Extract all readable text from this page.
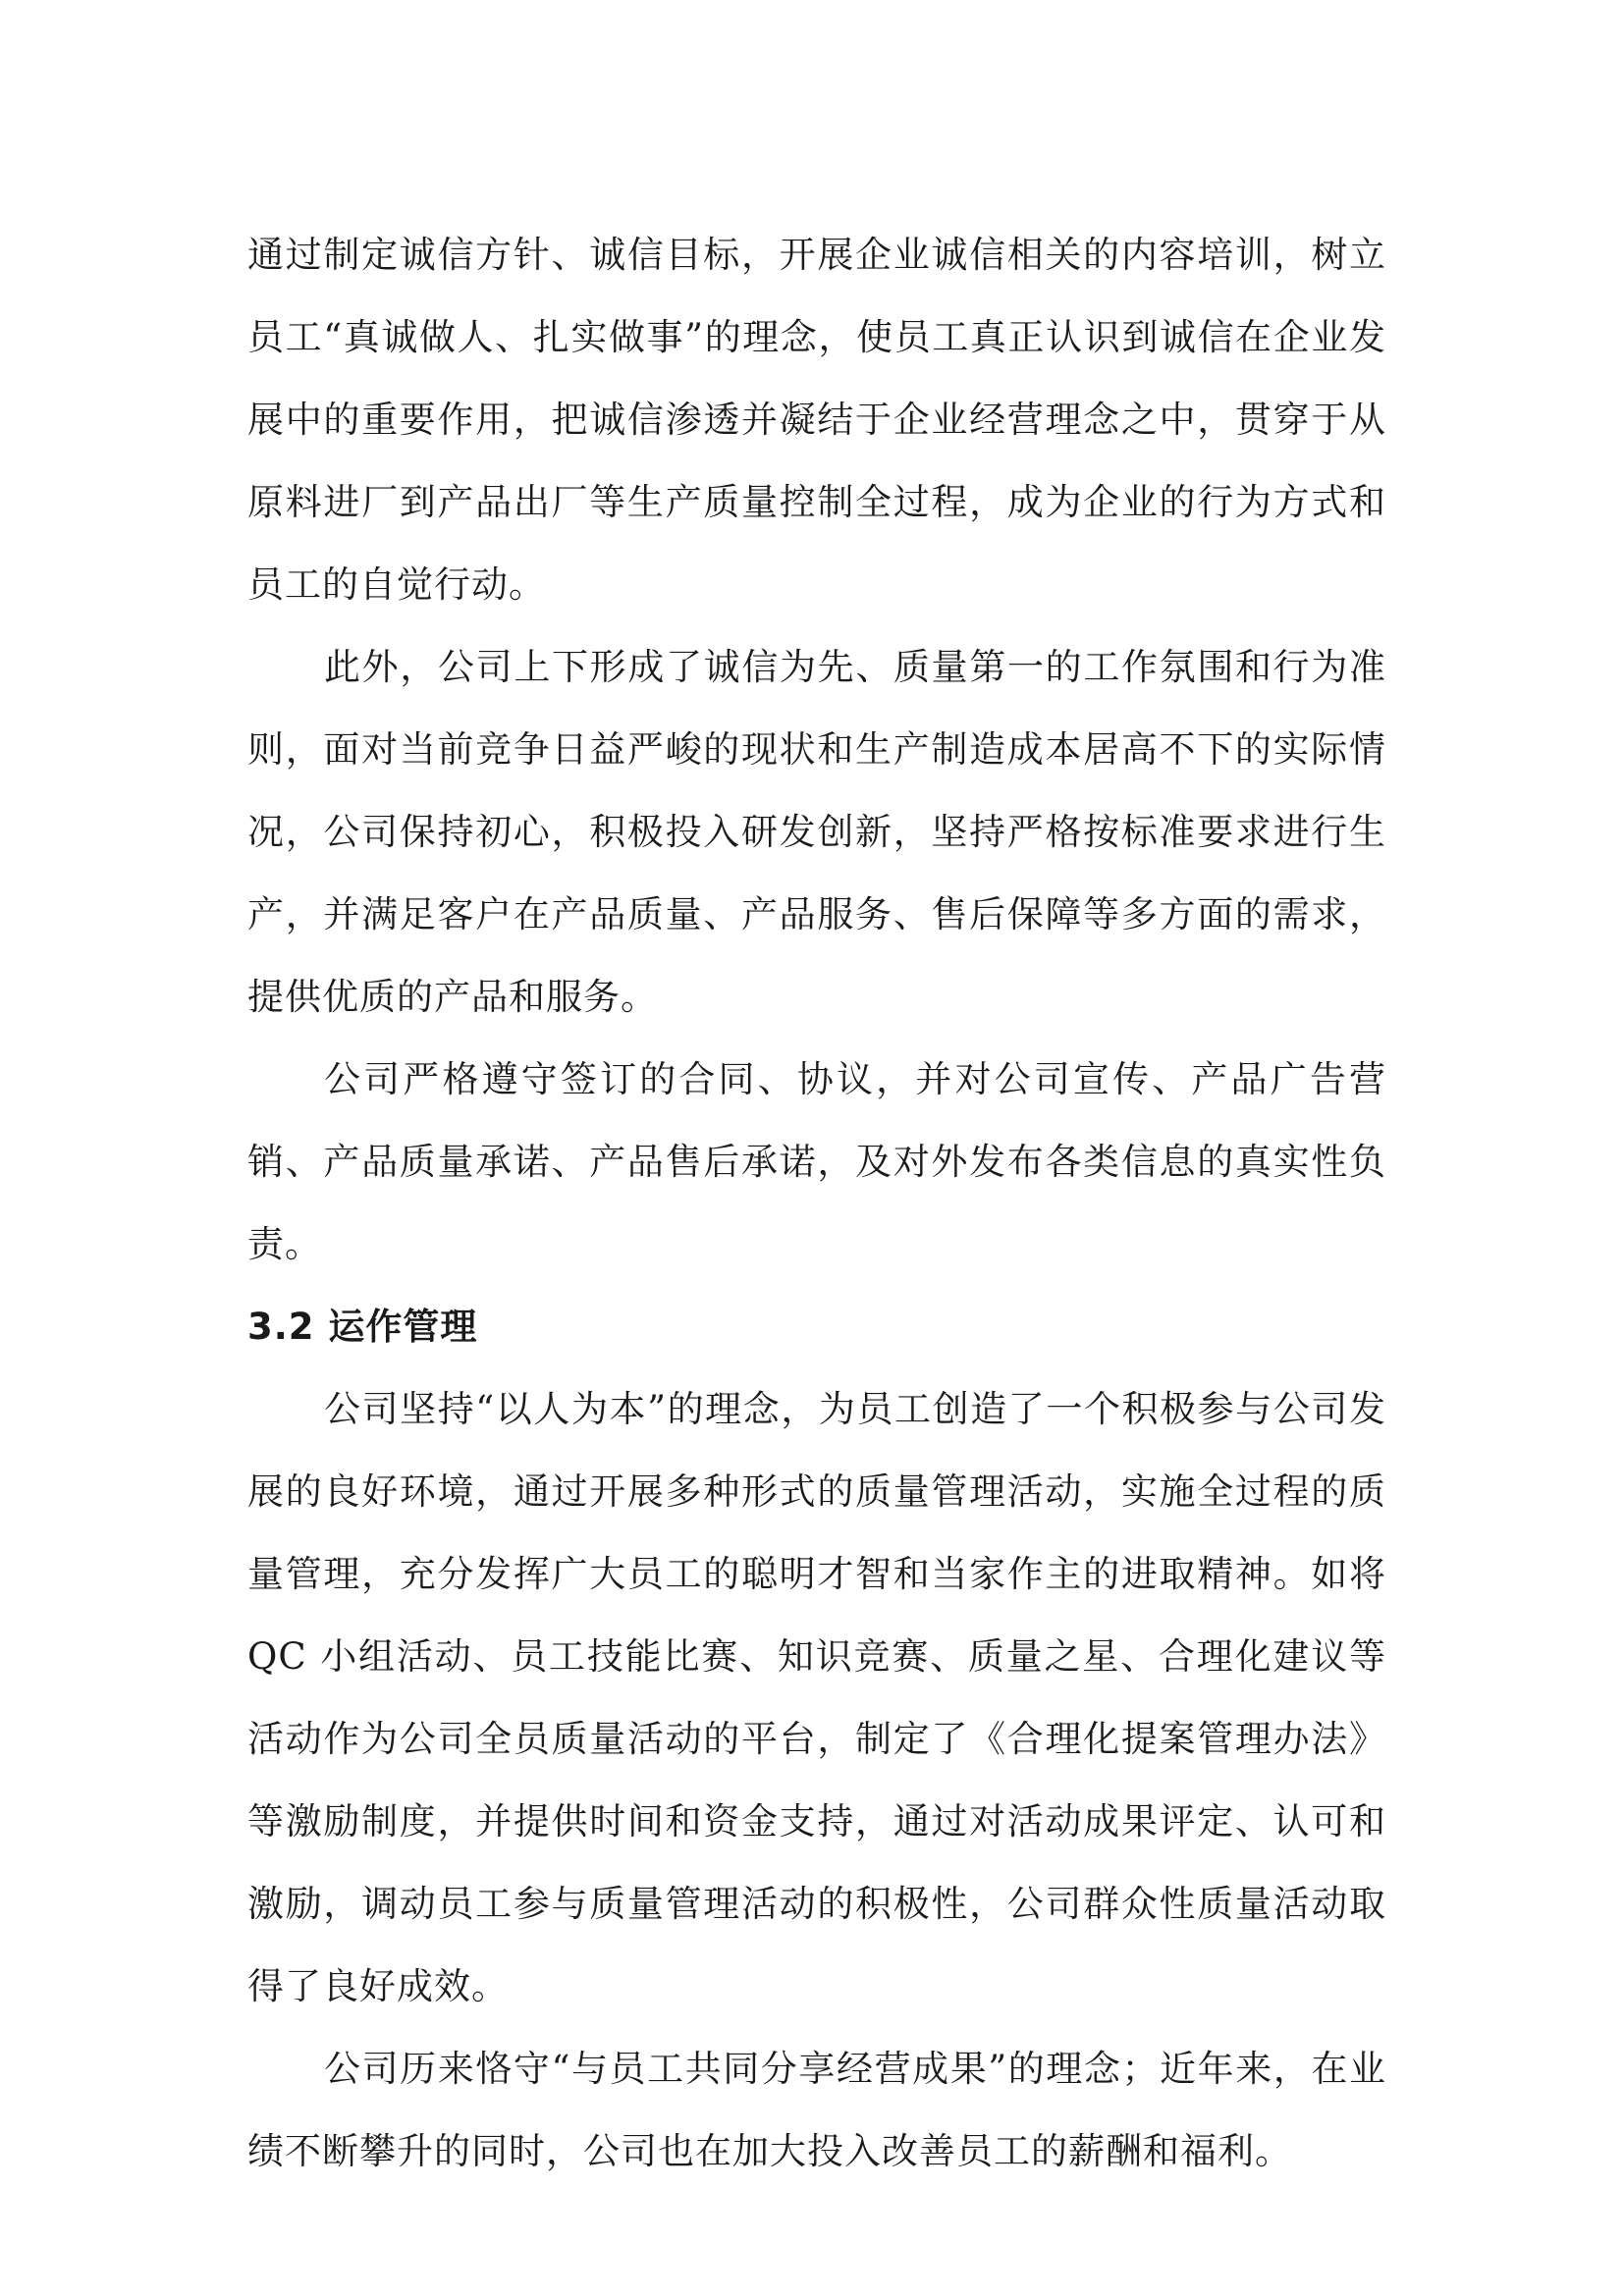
通过制定诚信方针、诚信目标，开展企业诚信相关的内容培训，树立员工“真诚做人、扎实做事”的理念，使员工真正认识到诚信在企业发展中的重要作用，把诚信渗透并凝结于企业经营理念之中，贯穿于从原料进厂到产品出厂等生产质量控制全过程，成为企业的行为方式和员工的自觉行动。

此外，公司上下形成了诚信为先、质量第一的工作氛围和行为准则，面对当前竞争日益严峻的现状和生产制造成本居高不下的实际情况，公司保持初心，积极投入研发创新，坚持严格按标准要求进行生产，并满足客户在产品质量、产品服务、售后保障等多方面的需求，提供优质的产品和服务。

公司严格遵守签订的合同、协议，并对公司宣传、产品广告营销、产品质量承诺、产品售后承诺，及对外发布各类信息的真实性负责。

3.2 运作管理

公司坚持“以人为本”的理念，为员工创造了一个积极参与公司发展的良好环境，通过开展多种形式的质量管理活动，实施全过程的质量管理，充分发挥广大员工的聪明才智和当家作主的进取精神。如将 QC 小组活动、员工技能比赛、知识竞赛、质量之星、合理化建议等活动作为公司全员质量活动的平台，制定了《合理化提案管理办法》等激励制度，并提供时间和资金支持，通过对活动成果评定、认可和激励，调动员工参与质量管理活动的积极性，公司群众性质量活动取得了良好成效。

公司历来恪守“与员工共同分享经营成果”的理念；近年来，在业绩不断攀升的同时，公司也在加大投入改善员工的薪酬和福利。
